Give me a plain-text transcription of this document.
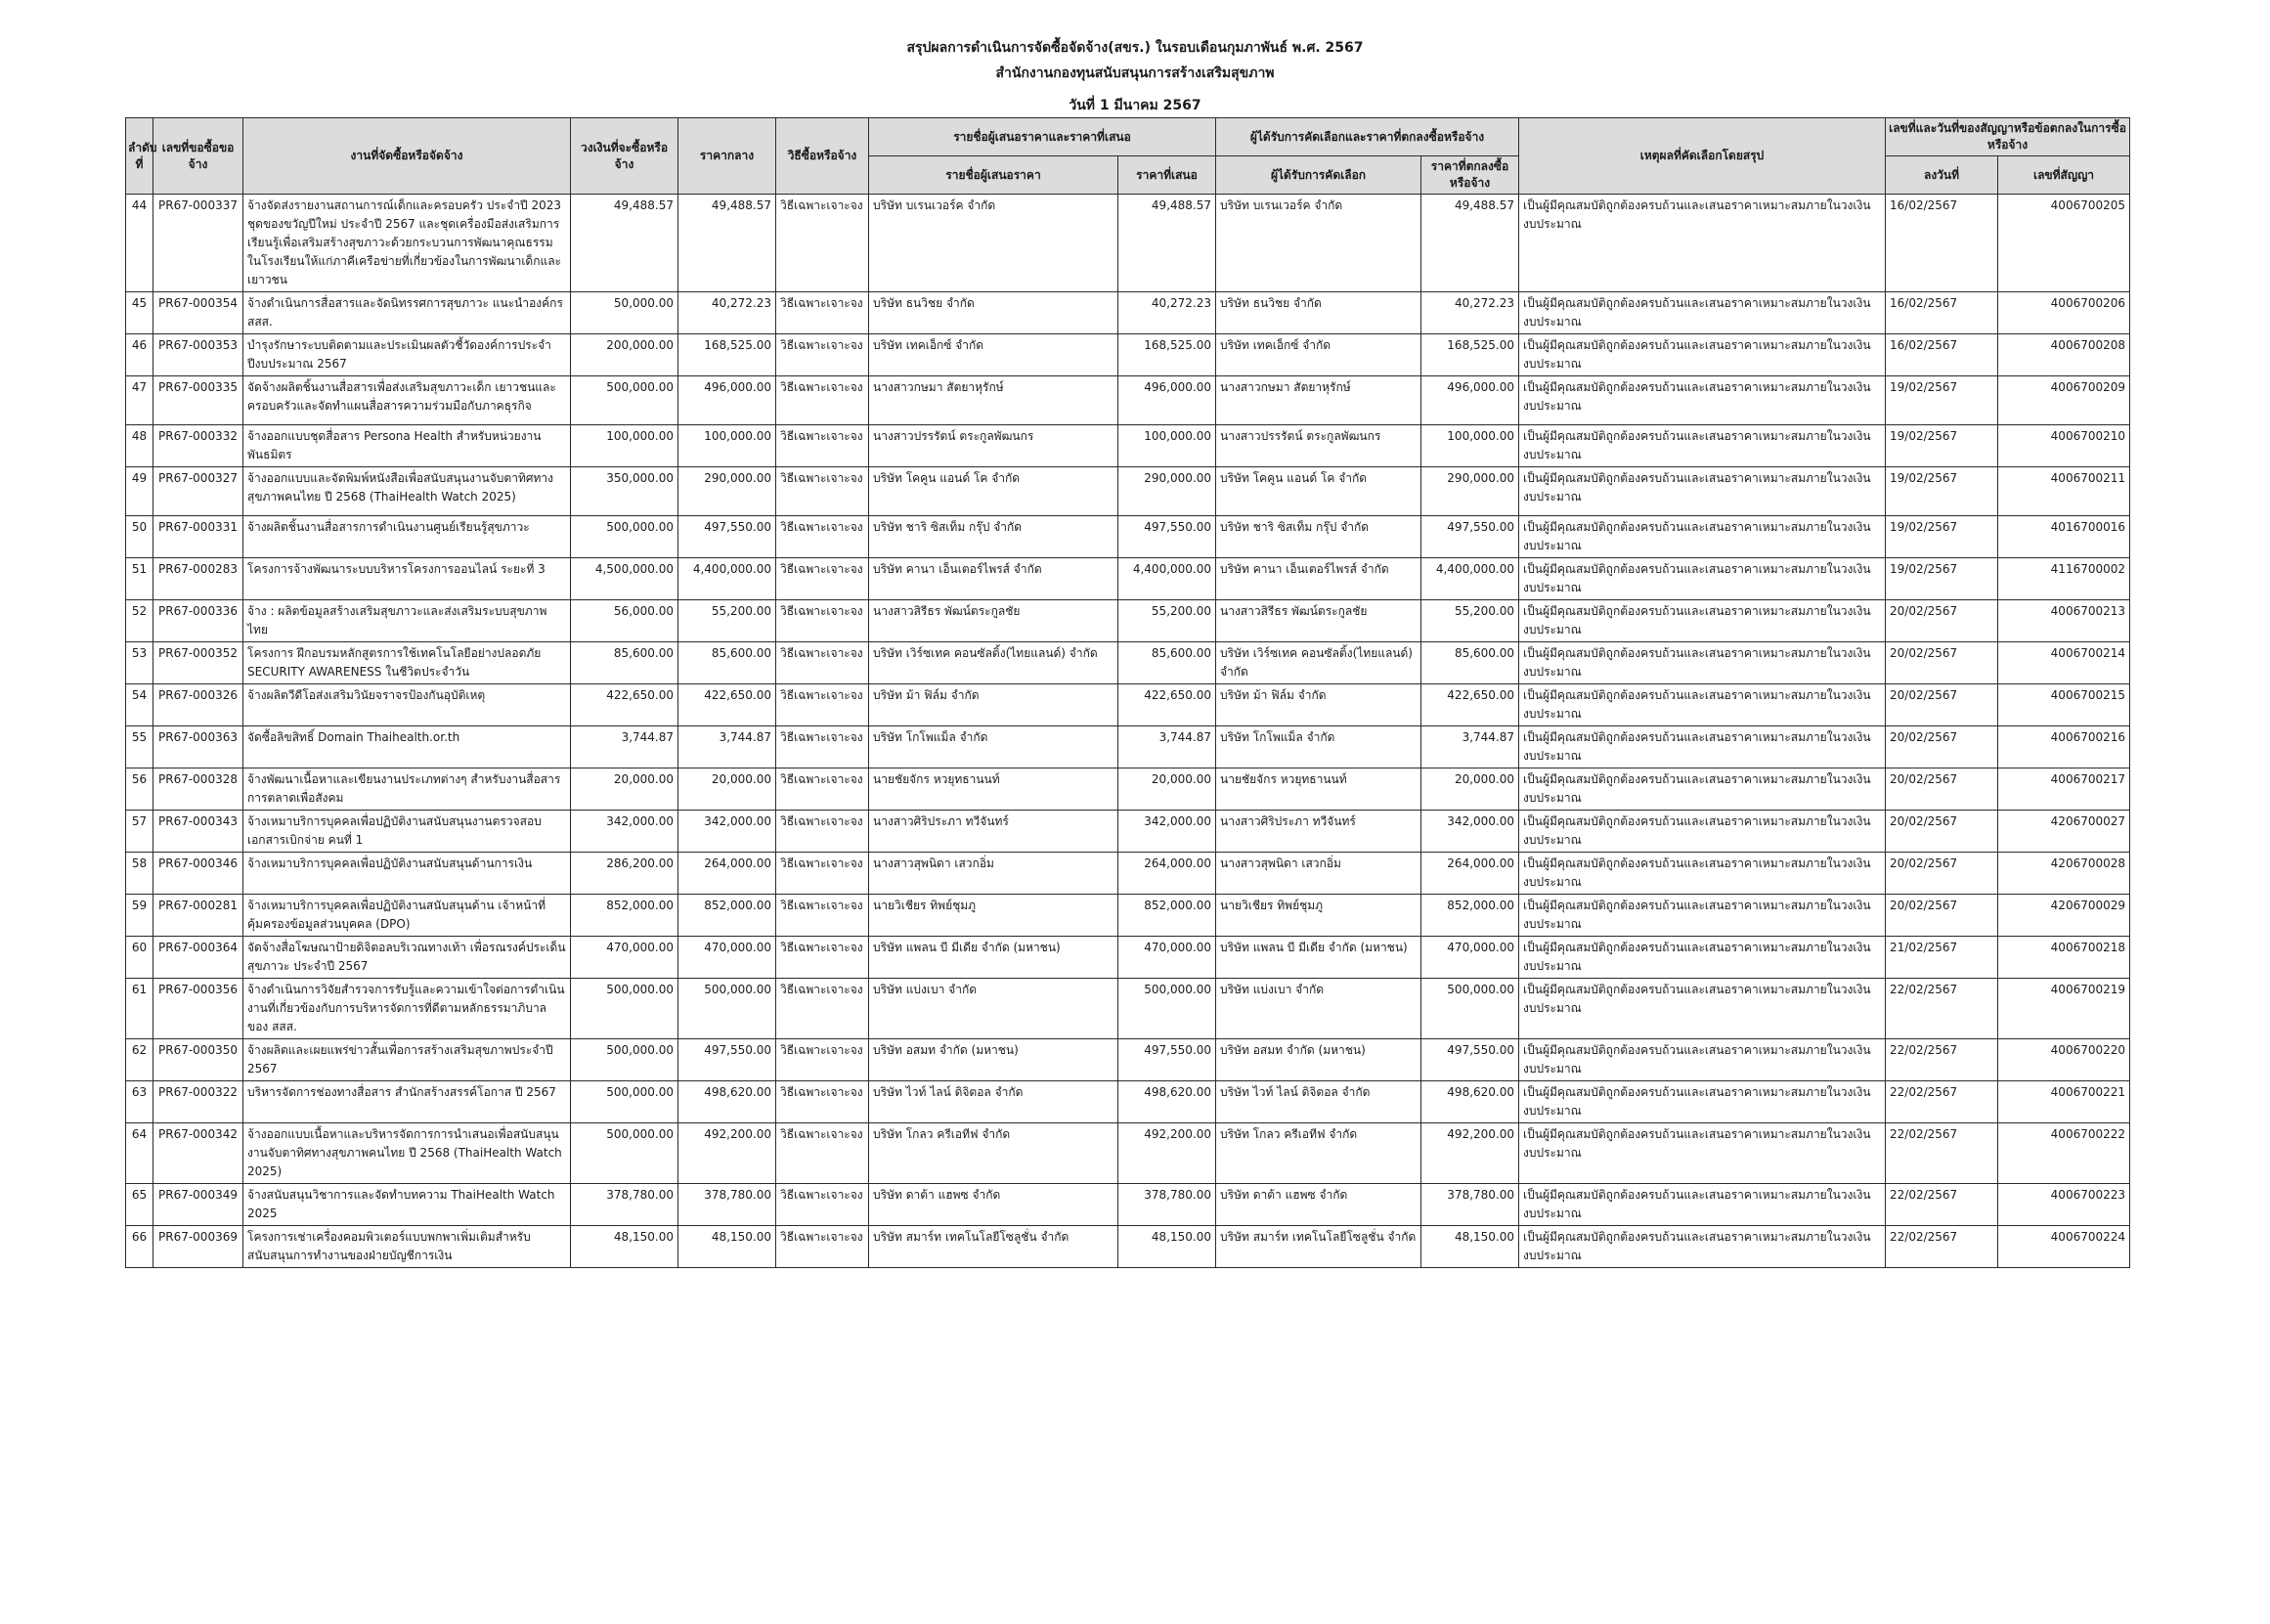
สรุปผลการดำเนินการจัดซื้อจัดจ้าง(สขร.) ในรอบเดือนกุมภาพันธ์ พ.ศ. 2567
สำนักงานกองทุนสนับสนุนการสร้างเสริมสุขภาพ
วันที่ 1 มีนาคม 2567
ลำดับที่	เลขที่ขอซื้อขอจ้าง	งานที่จัดซื้อหรือจัดจ้าง	วงเงินที่จะซื้อหรือจ้าง	ราคากลาง	วิธีซื้อหรือจ้าง	รายชื่อผู้เสนอราคาและราคาที่เสนอ		ผู้ได้รับการคัดเลือกและราคาที่ตกลงซื้อหรือจ้าง		เหตุผลที่คัดเลือกโดยสรุป	เลขที่และวันที่ของสัญญาหรือข้อตกลงในการซื้อหรือจ้าง	
						รายชื่อผู้เสนอราคา	ราคาที่เสนอ	ผู้ได้รับการคัดเลือก	ราคาที่ตกลงซื้อหรือจ้าง		ลงวันที่	เลขที่สัญญา
44	PR67-000337	จ้างจัดส่งรายงานสถานการณ์เด็กและครอบครัว ประจำปี 2023 ชุดของขวัญปีใหม่ ประจำปี 2567 และชุดเครื่องมือส่งเสริมการเรียนรู้เพื่อเสริมสร้างสุขภาวะด้วยกระบวนการพัฒนาคุณธรรมในโรงเรียนให้แก่ภาคีเครือข่ายที่เกี่ยวข้องในการพัฒนาเด็กและเยาวชน	49,488.57	49,488.57	วิธีเฉพาะเจาะจง	บริษัท บเรนเวอร์ค จำกัด	49,488.57	บริษัท บเรนเวอร์ค จำกัด	49,488.57	เป็นผู้มีคุณสมบัติถูกต้องครบถ้วนและเสนอราคาเหมาะสมภายในวงเงินงบประมาณ	16/02/2567	4006700205
45	PR67-000354	จ้างดำเนินการสื่อสารและจัดนิทรรศการสุขภาวะ แนะนำองค์กร สสส.	50,000.00	40,272.23	วิธีเฉพาะเจาะจง	บริษัท ธนวิชย จำกัด	40,272.23	บริษัท ธนวิชย จำกัด	40,272.23	เป็นผู้มีคุณสมบัติถูกต้องครบถ้วนและเสนอราคาเหมาะสมภายในวงเงินงบประมาณ	16/02/2567	4006700206
46	PR67-000353	บำรุงรักษาระบบติดตามและประเมินผลตัวชี้วัดองค์การประจำปีงบประมาณ 2567	200,000.00	168,525.00	วิธีเฉพาะเจาะจง	บริษัท เทคเอ็กซ์ จำกัด	168,525.00	บริษัท เทคเอ็กซ์ จำกัด	168,525.00	เป็นผู้มีคุณสมบัติถูกต้องครบถ้วนและเสนอราคาเหมาะสมภายในวงเงินงบประมาณ	16/02/2567	4006700208
47	PR67-000335	จัดจ้างผลิตชิ้นงานสื่อสารเพื่อส่งเสริมสุขภาวะเด็ก เยาวชนและครอบครัวและจัดทำแผนสื่อสารความร่วมมือกับภาคธุรกิจ	500,000.00	496,000.00	วิธีเฉพาะเจาะจง	นางสาวกษมา สัตยาหุรักษ์	496,000.00	นางสาวกษมา สัตยาหุรักษ์	496,000.00	เป็นผู้มีคุณสมบัติถูกต้องครบถ้วนและเสนอราคาเหมาะสมภายในวงเงินงบประมาณ	19/02/2567	4006700209
48	PR67-000332	จ้างออกแบบชุดสื่อสาร Persona Health สำหรับหน่วยงานพันธมิตร	100,000.00	100,000.00	วิธีเฉพาะเจาะจง	นางสาวปรรรัตน์ ตระกูลพัฒนกร	100,000.00	นางสาวปรรรัตน์ ตระกูลพัฒนกร	100,000.00	เป็นผู้มีคุณสมบัติถูกต้องครบถ้วนและเสนอราคาเหมาะสมภายในวงเงินงบประมาณ	19/02/2567	4006700210
49	PR67-000327	จ้างออกแบบและจัดพิมพ์หนังสือเพื่อสนับสนุนงานจับตาทิศทางสุขภาพคนไทย ปี 2568 (ThaiHealth Watch 2025)	350,000.00	290,000.00	วิธีเฉพาะเจาะจง	บริษัท โคคูน แอนด์ โค จำกัด	290,000.00	บริษัท โคคูน แอนด์ โค จำกัด	290,000.00	เป็นผู้มีคุณสมบัติถูกต้องครบถ้วนและเสนอราคาเหมาะสมภายในวงเงินงบประมาณ	19/02/2567	4006700211
50	PR67-000331	จ้างผลิตชิ้นงานสื่อสารการดำเนินงานศูนย์เรียนรู้สุขภาวะ	500,000.00	497,550.00	วิธีเฉพาะเจาะจง	บริษัท ชาริ ซิสเท็ม กรุ๊ป จำกัด	497,550.00	บริษัท ชาริ ซิสเท็ม กรุ๊ป จำกัด	497,550.00	เป็นผู้มีคุณสมบัติถูกต้องครบถ้วนและเสนอราคาเหมาะสมภายในวงเงินงบประมาณ	19/02/2567	4016700016
51	PR67-000283	โครงการจ้างพัฒนาระบบบริหารโครงการออนไลน์ ระยะที่ 3	4,500,000.00	4,400,000.00	วิธีเฉพาะเจาะจง	บริษัท คานา เอ็นเตอร์ไพรส์ จำกัด	4,400,000.00	บริษัท คานา เอ็นเตอร์ไพรส์ จำกัด	4,400,000.00	เป็นผู้มีคุณสมบัติถูกต้องครบถ้วนและเสนอราคาเหมาะสมภายในวงเงินงบประมาณ	19/02/2567	4116700002
52	PR67-000336	จ้าง : ผลิตข้อมูลสร้างเสริมสุขภาวะและส่งเสริมระบบสุขภาพไทย	56,000.00	55,200.00	วิธีเฉพาะเจาะจง	นางสาวสิรีธร พัฒน์ตระกูลชัย	55,200.00	นางสาวสิรีธร พัฒน์ตระกูลชัย	55,200.00	เป็นผู้มีคุณสมบัติถูกต้องครบถ้วนและเสนอราคาเหมาะสมภายในวงเงินงบประมาณ	20/02/2567	4006700213
53	PR67-000352	โครงการ ฝึกอบรมหลักสูตรการใช้เทคโนโลยีอย่างปลอดภัย SECURITY AWARENESS ในชีวิตประจำวัน	85,600.00	85,600.00	วิธีเฉพาะเจาะจง	บริษัท เวิร์ซเทค คอนซัลติ้ง(ไทยแลนด์) จำกัด	85,600.00	บริษัท เวิร์ซเทค คอนซัลติ้ง(ไทยแลนด์) จำกัด	85,600.00	เป็นผู้มีคุณสมบัติถูกต้องครบถ้วนและเสนอราคาเหมาะสมภายในวงเงินงบประมาณ	20/02/2567	4006700214
54	PR67-000326	จ้างผลิตวีดีโอส่งเสริมวินัยจราจรป้องกันอุบัติเหตุ	422,650.00	422,650.00	วิธีเฉพาะเจาะจง	บริษัท ม้า ฟิล์ม จำกัด	422,650.00	บริษัท ม้า ฟิล์ม จำกัด	422,650.00	เป็นผู้มีคุณสมบัติถูกต้องครบถ้วนและเสนอราคาเหมาะสมภายในวงเงินงบประมาณ	20/02/2567	4006700215
55	PR67-000363	จัดซื้อลิขสิทธิ์ Domain Thaihealth.or.th	3,744.87	3,744.87	วิธีเฉพาะเจาะจง	บริษัท โกโพแม็ล จำกัด	3,744.87	บริษัท โกโพแม็ล จำกัด	3,744.87	เป็นผู้มีคุณสมบัติถูกต้องครบถ้วนและเสนอราคาเหมาะสมภายในวงเงินงบประมาณ	20/02/2567	4006700216
56	PR67-000328	จ้างพัฒนาเนื้อหาและเขียนงานประเภทต่างๆ สำหรับงานสื่อสารการตลาดเพื่อสังคม	20,000.00	20,000.00	วิธีเฉพาะเจาะจง	นายชัยจักร หวยุทธานนท์	20,000.00	นายชัยจักร หวยุทธานนท์	20,000.00	เป็นผู้มีคุณสมบัติถูกต้องครบถ้วนและเสนอราคาเหมาะสมภายในวงเงินงบประมาณ	20/02/2567	4006700217
57	PR67-000343	จ้างเหมาบริการบุคคลเพื่อปฏิบัติงานสนับสนุนงานตรวจสอบเอกสารเบิกจ่าย คนที่ 1	342,000.00	342,000.00	วิธีเฉพาะเจาะจง	นางสาวศิริประภา ทวีจันทร์	342,000.00	นางสาวศิริประภา ทวีจันทร์	342,000.00	เป็นผู้มีคุณสมบัติถูกต้องครบถ้วนและเสนอราคาเหมาะสมภายในวงเงินงบประมาณ	20/02/2567	4206700027
58	PR67-000346	จ้างเหมาบริการบุคคลเพื่อปฏิบัติงานสนับสนุนด้านการเงิน	286,200.00	264,000.00	วิธีเฉพาะเจาะจง	นางสาวสุพนิดา เสวกอิ่ม	264,000.00	นางสาวสุพนิดา เสวกอิ่ม	264,000.00	เป็นผู้มีคุณสมบัติถูกต้องครบถ้วนและเสนอราคาเหมาะสมภายในวงเงินงบประมาณ	20/02/2567	4206700028
59	PR67-000281	จ้างเหมาบริการบุคคลเพื่อปฏิบัติงานสนับสนุนด้าน เจ้าหน้าที่คุ้มครองข้อมูลส่วนบุคคล (DPO)	852,000.00	852,000.00	วิธีเฉพาะเจาะจง	นายวิเชียร ทิพย์ชุมภู	852,000.00	นายวิเชียร ทิพย์ชุมภู	852,000.00	เป็นผู้มีคุณสมบัติถูกต้องครบถ้วนและเสนอราคาเหมาะสมภายในวงเงินงบประมาณ	20/02/2567	4206700029
60	PR67-000364	จัดจ้างสื่อโฆษณาป้ายดิจิตอลบริเวณทางเท้า เพื่อรณรงค์ประเด็นสุขภาวะ ประจำปี 2567	470,000.00	470,000.00	วิธีเฉพาะเจาะจง	บริษัท แพลน บี มีเดีย จำกัด (มหาชน)	470,000.00	บริษัท แพลน บี มีเดีย จำกัด (มหาชน)	470,000.00	เป็นผู้มีคุณสมบัติถูกต้องครบถ้วนและเสนอราคาเหมาะสมภายในวงเงินงบประมาณ	21/02/2567	4006700218
61	PR67-000356	จ้างดำเนินการวิจัยสำรวจการรับรู้และความเข้าใจต่อการดำเนินงานที่เกี่ยวข้องกับการบริหารจัดการที่ดีตามหลักธรรมาภิบาลของ สสส.	500,000.00	500,000.00	วิธีเฉพาะเจาะจง	บริษัท แบ่งเบา จำกัด	500,000.00	บริษัท แบ่งเบา จำกัด	500,000.00	เป็นผู้มีคุณสมบัติถูกต้องครบถ้วนและเสนอราคาเหมาะสมภายในวงเงินงบประมาณ	22/02/2567	4006700219
62	PR67-000350	จ้างผลิตและเผยแพร่ข่าวสั้นเพื่อการสร้างเสริมสุขภาพประจำปี 2567	500,000.00	497,550.00	วิธีเฉพาะเจาะจง	บริษัท อสมท จำกัด (มหาชน)	497,550.00	บริษัท อสมท จำกัด (มหาชน)	497,550.00	เป็นผู้มีคุณสมบัติถูกต้องครบถ้วนและเสนอราคาเหมาะสมภายในวงเงินงบประมาณ	22/02/2567	4006700220
63	PR67-000322	บริหารจัดการช่องทางสื่อสาร สำนักสร้างสรรค์โอกาส ปี 2567	500,000.00	498,620.00	วิธีเฉพาะเจาะจง	บริษัท ไวท์ ไลน์ ดิจิตอล จำกัด	498,620.00	บริษัท ไวท์ ไลน์ ดิจิตอล จำกัด	498,620.00	เป็นผู้มีคุณสมบัติถูกต้องครบถ้วนและเสนอราคาเหมาะสมภายในวงเงินงบประมาณ	22/02/2567	4006700221
64	PR67-000342	จ้างออกแบบเนื้อหาและบริหารจัดการการนำเสนอเพื่อสนับสนุนงานจับตาทิศทางสุขภาพคนไทย ปี 2568 (ThaiHealth Watch 2025)	500,000.00	492,200.00	วิธีเฉพาะเจาะจง	บริษัท โกลว ครีเอทีฟ จำกัด	492,200.00	บริษัท โกลว ครีเอทีฟ จำกัด	492,200.00	เป็นผู้มีคุณสมบัติถูกต้องครบถ้วนและเสนอราคาเหมาะสมภายในวงเงินงบประมาณ	22/02/2567	4006700222
65	PR67-000349	จ้างสนับสนุนวิชาการและจัดทำบทความ ThaiHealth Watch 2025	378,780.00	378,780.00	วิธีเฉพาะเจาะจง	บริษัท ดาต้า แฮพซ จำกัด	378,780.00	บริษัท ดาต้า แฮพซ จำกัด	378,780.00	เป็นผู้มีคุณสมบัติถูกต้องครบถ้วนและเสนอราคาเหมาะสมภายในวงเงินงบประมาณ	22/02/2567	4006700223
66	PR67-000369	โครงการเช่าเครื่องคอมพิวเตอร์แบบพกพาเพิ่มเติมสำหรับสนับสนุนการทำงานของฝ่ายบัญชีการเงิน	48,150.00	48,150.00	วิธีเฉพาะเจาะจง	บริษัท สมาร์ท เทคโนโลยีโซลูชั่น จำกัด	48,150.00	บริษัท สมาร์ท เทคโนโลยีโซลูชั่น จำกัด	48,150.00	เป็นผู้มีคุณสมบัติถูกต้องครบถ้วนและเสนอราคาเหมาะสมภายในวงเงินงบประมาณ	22/02/2567	4006700224
